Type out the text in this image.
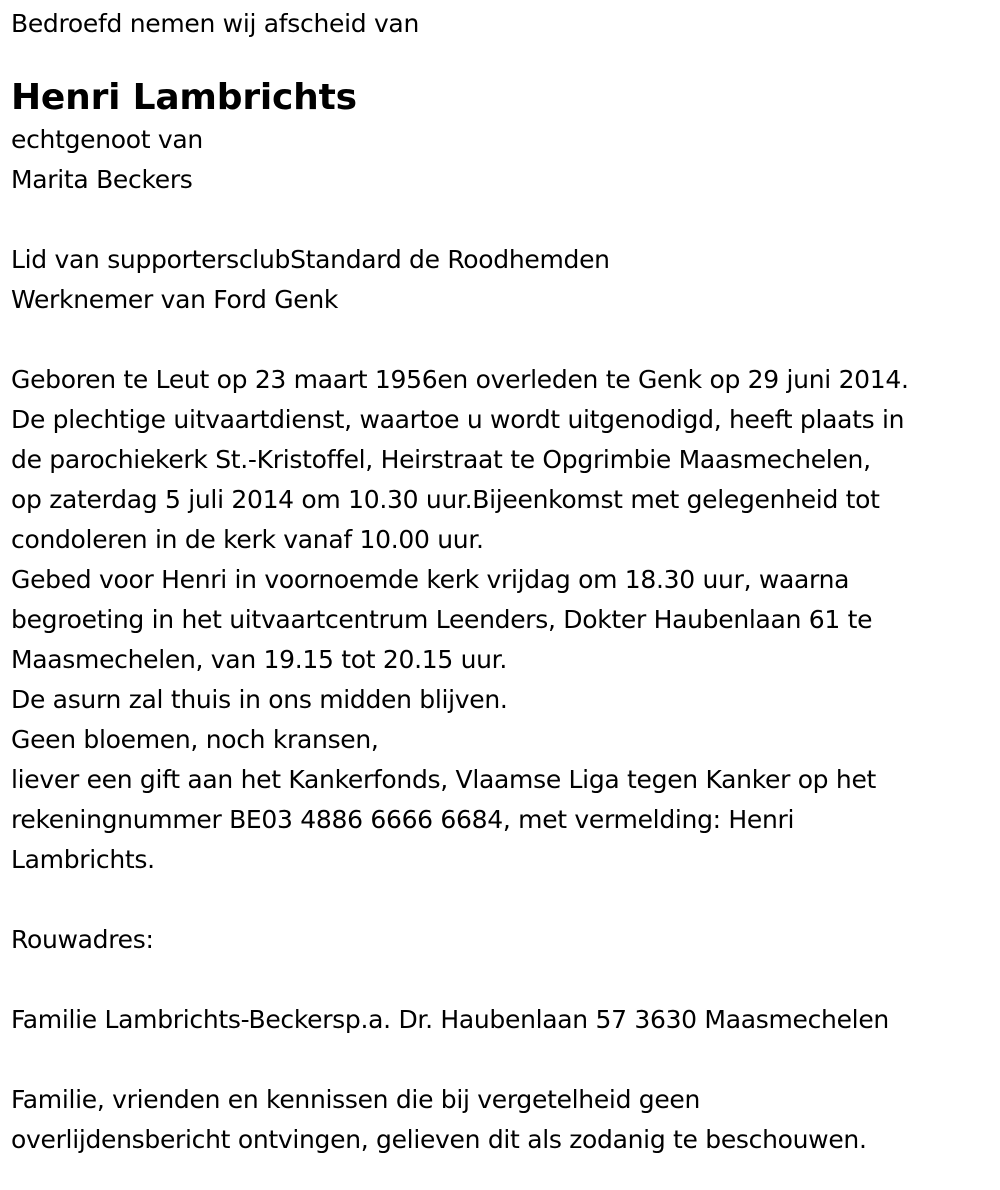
Bedroefd nemen wij afscheid van

Henri Lambrichts

echtgenoot van

Marita Beckers

Lid van supportersclubStandard de Roodhemden

Werknemer van Ford Genk

Geboren te Leut op 23 maart 1956en overleden te Genk op 29 juni 2014.

De plechtige uitvaartdienst, waartoe u wordt uitgenodigd, heeft plaats in

de parochiekerk St.-Kristoffel, Heirstraat te Opgrimbie Maasmechelen,

op zaterdag 5 juli 2014 om 10.30 uur.Bijeenkomst met gelegenheid tot

condoleren in de kerk vanaf 10.00 uur.

Gebed voor Henri in voornoemde kerk vrijdag om 18.30 uur, waarna

begroeting in het uitvaartcentrum Leenders, Dokter Haubenlaan 61 te

Maasmechelen, van 19.15 tot 20.15 uur.

De asurn zal thuis in ons midden blijven.

Geen bloemen, noch kransen,

liever een gift aan het Kankerfonds, Vlaamse Liga tegen Kanker op het

rekeningnummer BE03 4886 6666 6684, met vermelding: Henri

Lambrichts.

Rouwadres:

Familie Lambrichts-Beckersp.a. Dr. Haubenlaan 57 3630 Maasmechelen

Familie, vrienden en kennissen die bij vergetelheid geen

overlijdensbericht ontvingen, gelieven dit als zodanig te beschouwen.
